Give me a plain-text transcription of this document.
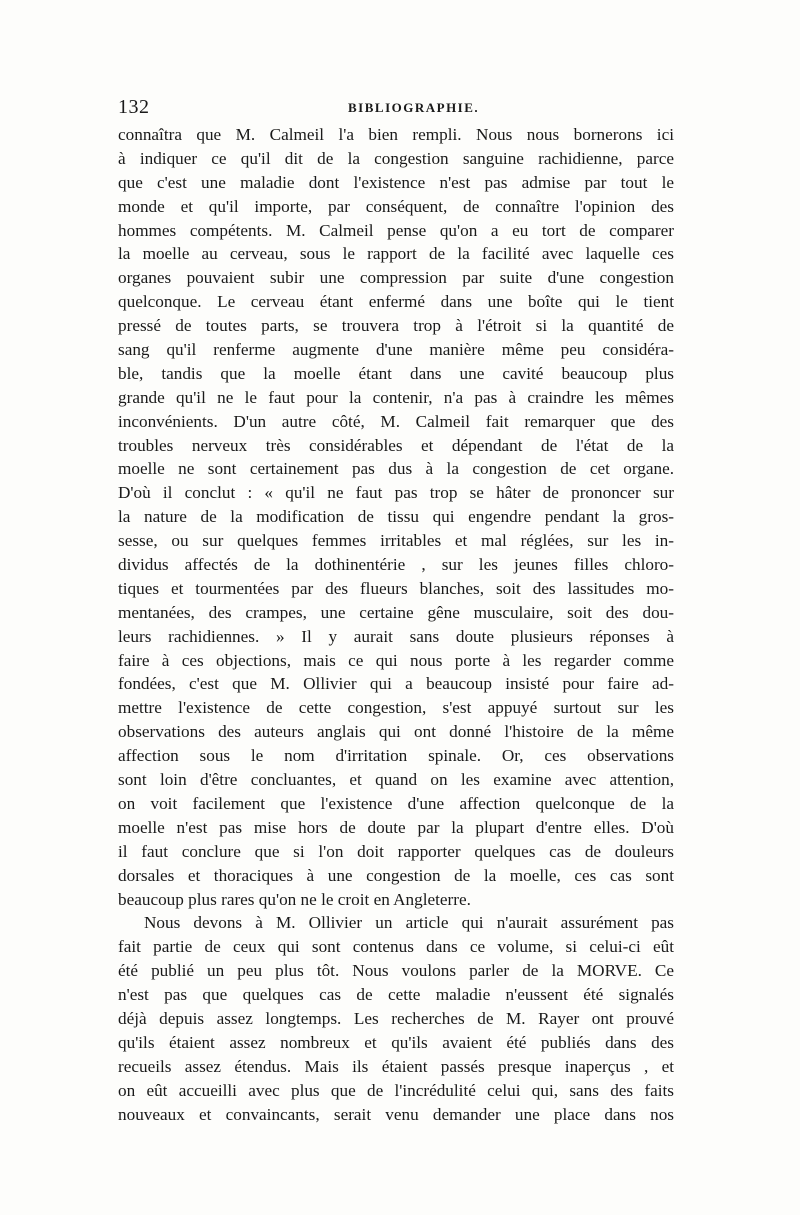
132	BIBLIOGRAPHIE.
connaîtra que M. Calmeil l'a bien rempli. Nous nous bornerons ici
à indiquer ce qu'il dit de la congestion sanguine rachidienne, parce
que c'est une maladie dont l'existence n'est pas admise par tout le
monde et qu'il importe, par conséquent, de connaître l'opinion des
hommes compétents. M. Calmeil pense qu'on a eu tort de comparer
la moelle au cerveau, sous le rapport de la facilité avec laquelle ces
organes pouvaient subir une compression par suite d'une congestion
quelconque. Le cerveau étant enfermé dans une boîte qui le tient
pressé de toutes parts, se trouvera trop à l'étroit si la quantité de
sang qu'il renferme augmente d'une manière même peu considéra-
ble, tandis que la moelle étant dans une cavité beaucoup plus
grande qu'il ne le faut pour la contenir, n'a pas à craindre les mêmes
inconvénients. D'un autre côté, M. Calmeil fait remarquer que des
troubles nerveux très considérables et dépendant de l'état de la
moelle ne sont certainement pas dus à la congestion de cet organe.
D'où il conclut : « qu'il ne faut pas trop se hâter de prononcer sur
la nature de la modification de tissu qui engendre pendant la gros-
sesse, ou sur quelques femmes irritables et mal réglées, sur les in-
dividus affectés de la dothinentérie , sur les jeunes filles chloro-
tiques et tourmentées par des flueurs blanches, soit des lassitudes mo-
mentanées, des crampes, une certaine gêne musculaire, soit des dou-
leurs rachidiennes. » Il y aurait sans doute plusieurs réponses à
faire à ces objections, mais ce qui nous porte à les regarder comme
fondées, c'est que M. Ollivier qui a beaucoup insisté pour faire ad-
mettre l'existence de cette congestion, s'est appuyé surtout sur les
observations des auteurs anglais qui ont donné l'histoire de la même
affection sous le nom d'irritation spinale. Or, ces observations
sont loin d'être concluantes, et quand on les examine avec attention,
on voit facilement que l'existence d'une affection quelconque de la
moelle n'est pas mise hors de doute par la plupart d'entre elles. D'où
il faut conclure que si l'on doit rapporter quelques cas de douleurs
dorsales et thoraciques à une congestion de la moelle, ces cas sont
beaucoup plus rares qu'on ne le croit en Angleterre.
Nous devons à M. Ollivier un article qui n'aurait assurément pas
fait partie de ceux qui sont contenus dans ce volume, si celui-ci eût
été publié un peu plus tôt. Nous voulons parler de la MORVE. Ce
n'est pas que quelques cas de cette maladie n'eussent été signalés
déjà depuis assez longtemps. Les recherches de M. Rayer ont prouvé
qu'ils étaient assez nombreux et qu'ils avaient été publiés dans des
recueils assez étendus. Mais ils étaient passés presque inaperçus , et
on eût accueilli avec plus que de l'incrédulité celui qui, sans des faits
nouveaux et convaincants, serait venu demander une place dans nos
